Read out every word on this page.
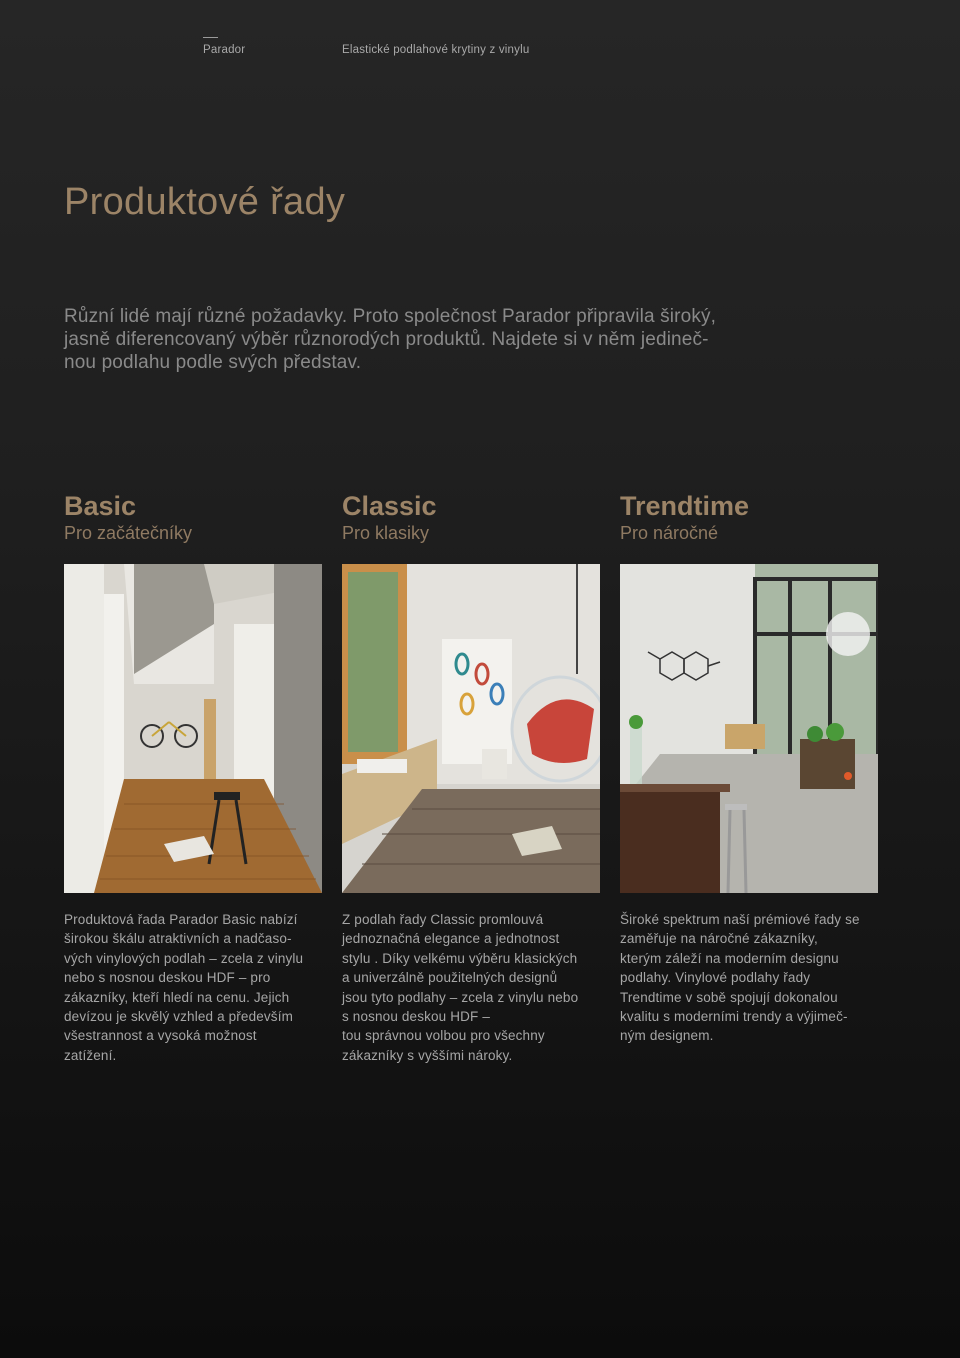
Parador	Elastické podlahové krytiny z vinylu
Produktové řady

Různí lidé mají různé požadavky. Proto společnost Parador připravila široký,
jasně diferencovaný výběr různorodých produktů. Najdete si v něm jedineč-
nou podlahu podle svých představ.

Basic
Pro začátečníky
Produktová řada Parador Basic nabízí
širokou škálu atraktivních a nadčaso-
vých vinylových podlah – zcela z vinylu
nebo s nosnou deskou HDF – pro
zákazníky, kteří hledí na cenu. Jejich
devízou je skvělý vzhled a především
všestrannost a vysoká možnost
zatížení.
Classic
Pro klasiky
Z podlah řady Classic promlouvá
jednoznačná elegance a jednotnost
stylu . Díky velkému výběru klasických
a univerzálně použitelných designů
jsou tyto podlahy – zcela z vinylu nebo
s nosnou deskou HDF –
tou správnou volbou pro všechny
zákazníky s vyššími nároky.
Trendtime
Pro náročné
Široké spektrum naší prémiové řady se
zaměřuje na náročné zákazníky,
kterým záleží na moderním designu
podlahy. Vinylové podlahy řady
Trendtime v sobě spojují dokonalou
kvalitu s moderními trendy a výjimeč-
ným designem.
